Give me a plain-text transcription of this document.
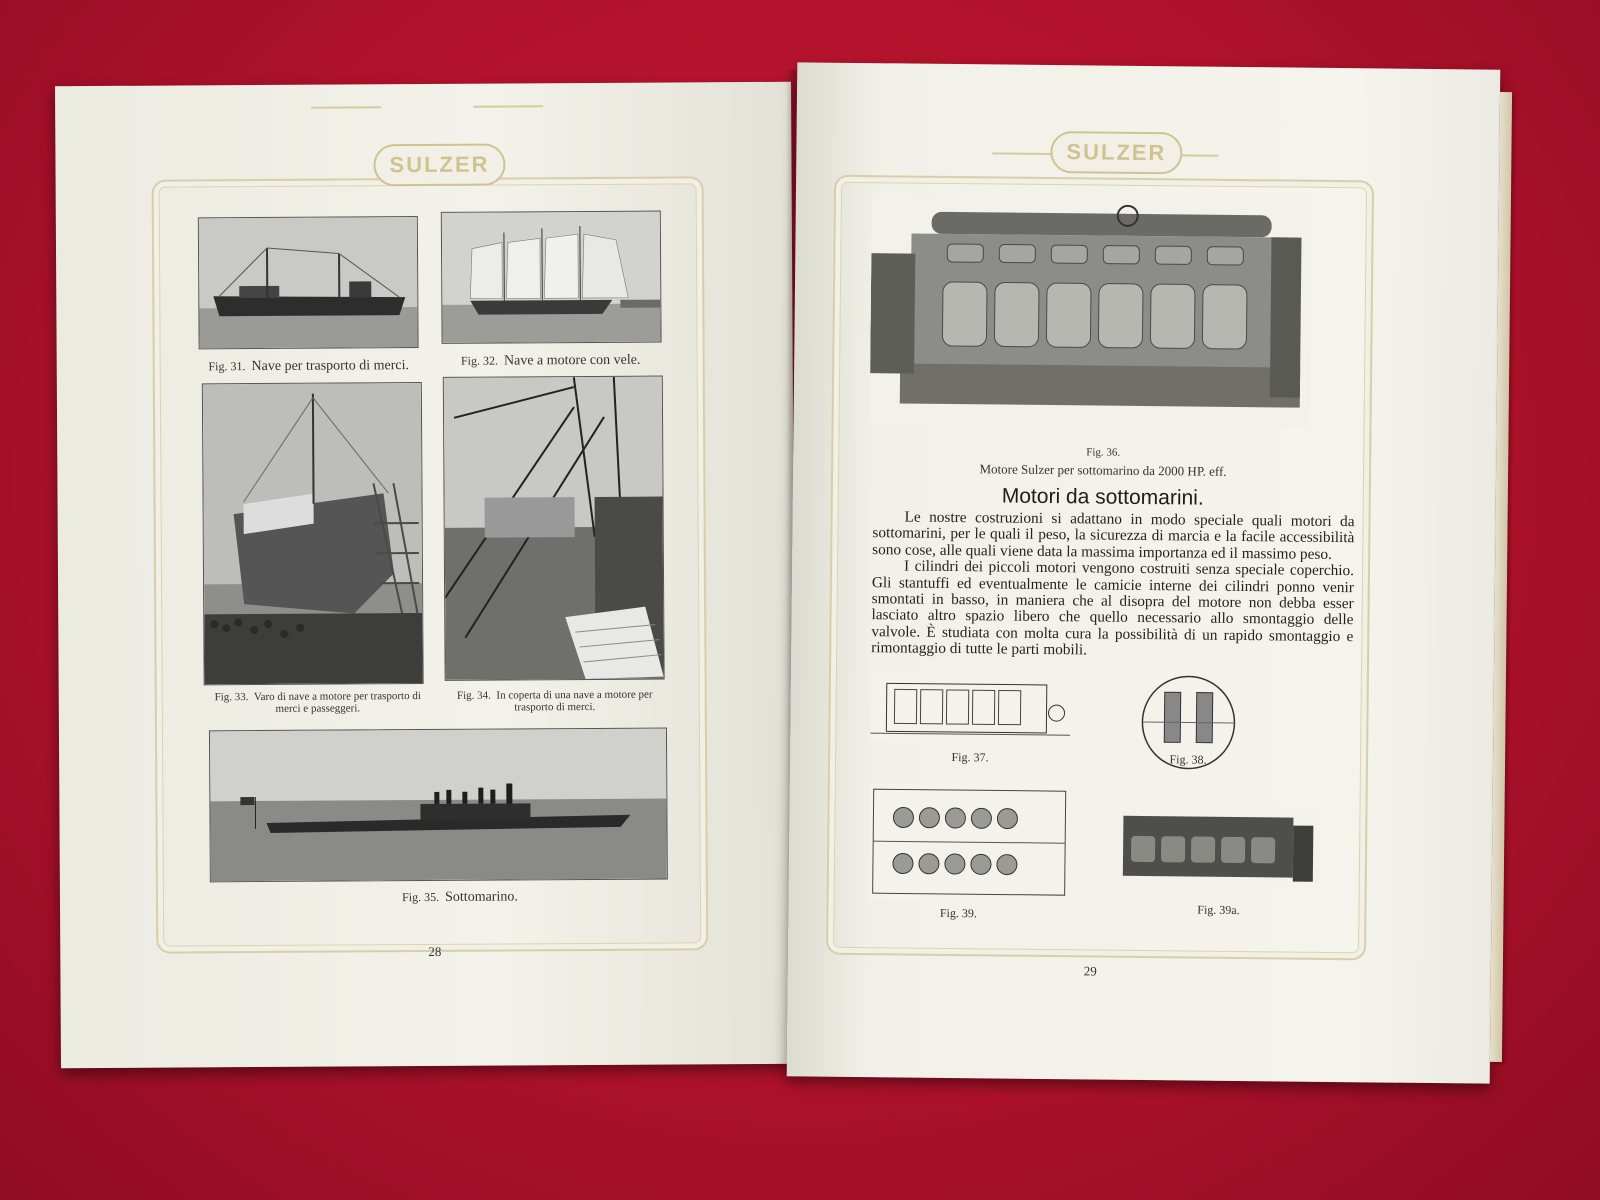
SULZER
Fig. 31. Nave per trasporto di merci.	Fig. 32. Nave a motore con vele.
Fig. 33. Varo di nave a motore per trasporto di merci e passeggeri.
Fig. 34. In coperta di una nave a motore per trasporto di merci.
Fig. 35. Sottomarino.
28
SULZER
Fig. 36.
Motore Sulzer per sottomarino da 2000 HP. eff.
Motori da sottomarini.

Le nostre costruzioni si adattano in modo speciale quali motori da sottomarini, per le quali il peso, la sicurezza di marcia e la facile accessibilità sono cose, alle quali viene data la massima importanza ed il massimo peso.

I cilindri dei piccoli motori vengono costruiti senza speciale coperchio. Gli stantuffi ed eventualmente le camicie interne dei cilindri ponno venir smontati in basso, in maniera che al disopra del motore non debba esser lasciato altro spazio libero che quello necessario allo smontaggio delle valvole. È studiata con molta cura la possibilità di un rapido smontaggio e rimontaggio di tutte le parti mobili.

Fig. 37.	Fig. 38.
Fig. 39.	Fig. 39a.
29
